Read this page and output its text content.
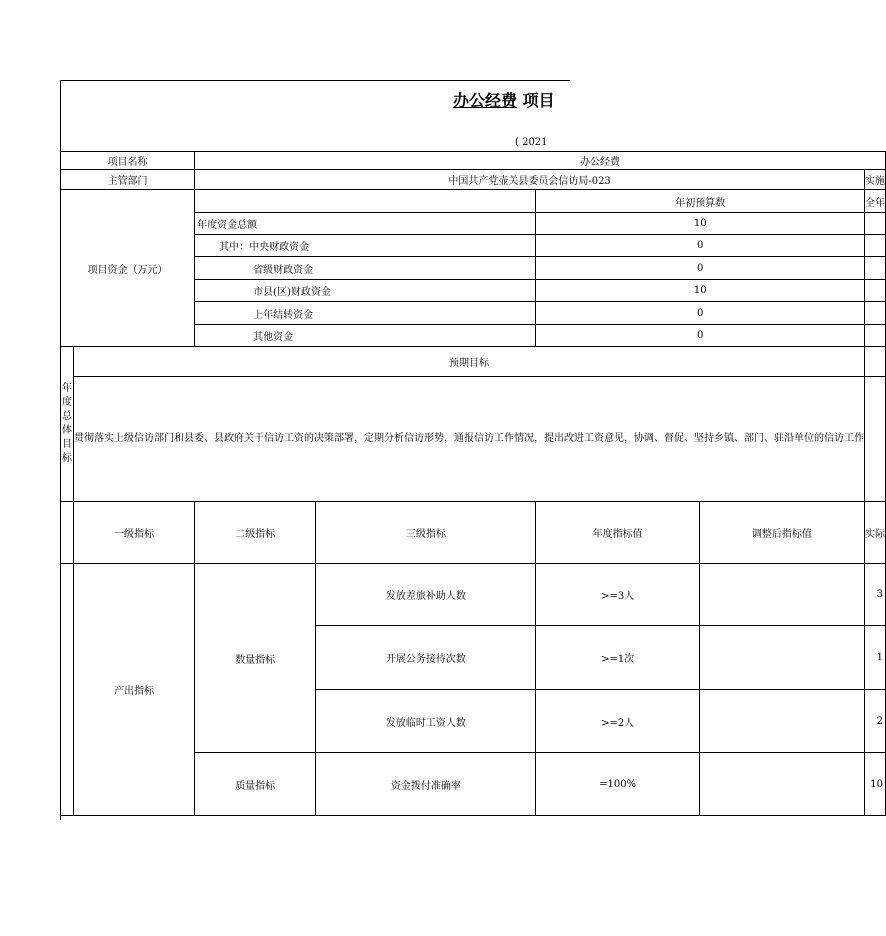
办公经费 项目
( 2021
项目名称		办公经费				
主管部门		中国共产党壶关县委员会信访局-023				实施
项目资金（万元）				年初预算数		全年
		年度资金总额		10		
		其中：中央财政资金		0		
		省级财政资金		0		
		市县(区)财政资金		10		
		上年结转资金		0		
		其他资金		0		
年度总体目标	预期目标					
	贯彻落实上级信访部门和县委、县政府关于信访工资的决策部署，定期分析信访形势，通报信访工作情况，提出改进工资意见，协调、督促、坚持乡镇、部门、驻沿单位的信访工作					
	一级指标	二级指标	三级指标	年度指标值	调整后指标值	实际
	产出指标	数量指标	发放差旅补助人数	>=3人		3

			开展公务接待次数	>=1次		1

			发放临时工资人数	>=2人		2

		质量指标	资金拨付准确率	=100%		10
